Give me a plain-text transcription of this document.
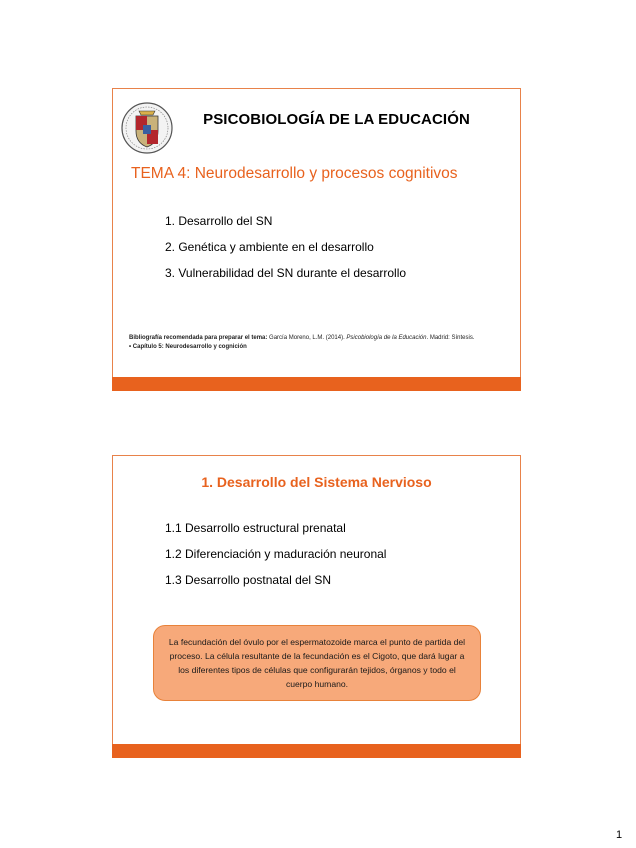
PSICOBIOLOGÍA DE LA EDUCACIÓN
TEMA 4: Neurodesarrollo y procesos cognitivos
1. Desarrollo del SN
2. Genética y ambiente en el desarrollo
3. Vulnerabilidad del SN durante el desarrollo
Bibliografía recomendada para preparar el tema: García Moreno, L.M. (2014). Psicobiología de la Educación. Madrid: Síntesis.
• Capítulo 5: Neurodesarrollo y cognición
1. Desarrollo del Sistema Nervioso
1.1 Desarrollo estructural prenatal
1.2 Diferenciación y maduración neuronal
1.3 Desarrollo postnatal del SN
La fecundación del óvulo por el espermatozoide marca el punto de partida del proceso. La célula resultante de la fecundación es el Cigoto, que dará lugar a los diferentes tipos de células que configurarán tejidos, órganos y todo el cuerpo humano.
1
